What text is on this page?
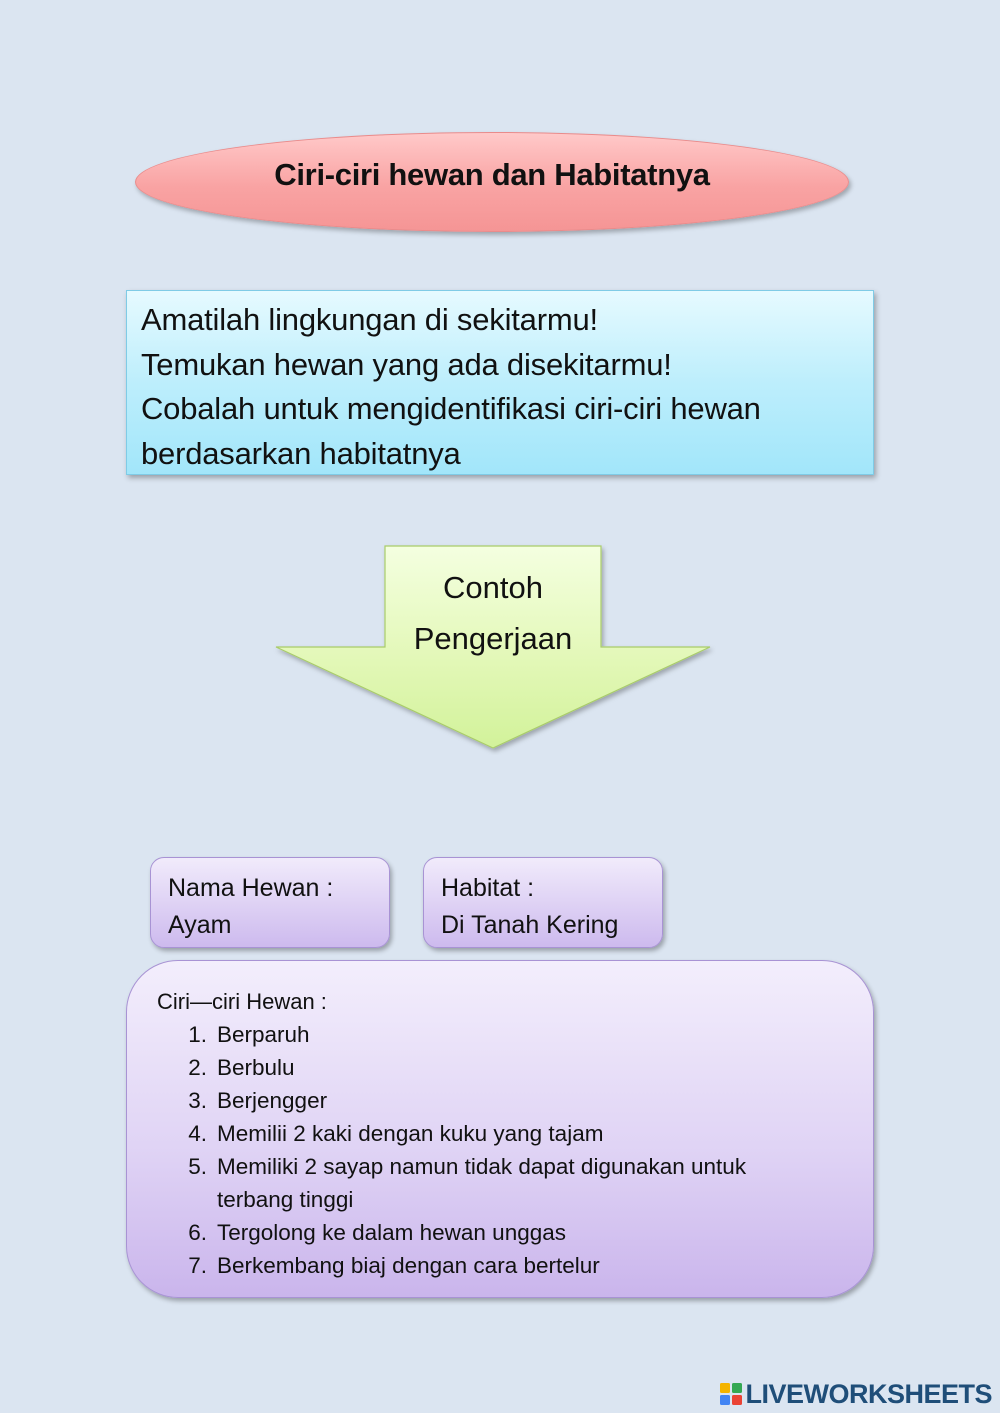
Ciri-ciri hewan dan Habitatnya
Amatilah lingkungan di sekitarmu!
Temukan hewan yang ada disekitarmu!
Cobalah untuk mengidentifikasi ciri-ciri hewan
berdasarkan habitatnya
Contoh
Pengerjaan
Nama Hewan :
Ayam
Habitat :
Di Tanah Kering
Ciri—ciri Hewan :
1. Berparuh
2. Berbulu
3. Berjengger
4. Memilii 2 kaki dengan kuku yang tajam
5. Memiliki 2 sayap namun tidak dapat digunakan untuk terbang tinggi
6. Tergolong ke dalam hewan unggas
7. Berkembang biaj dengan cara bertelur
LIVEWORKSHEETS
